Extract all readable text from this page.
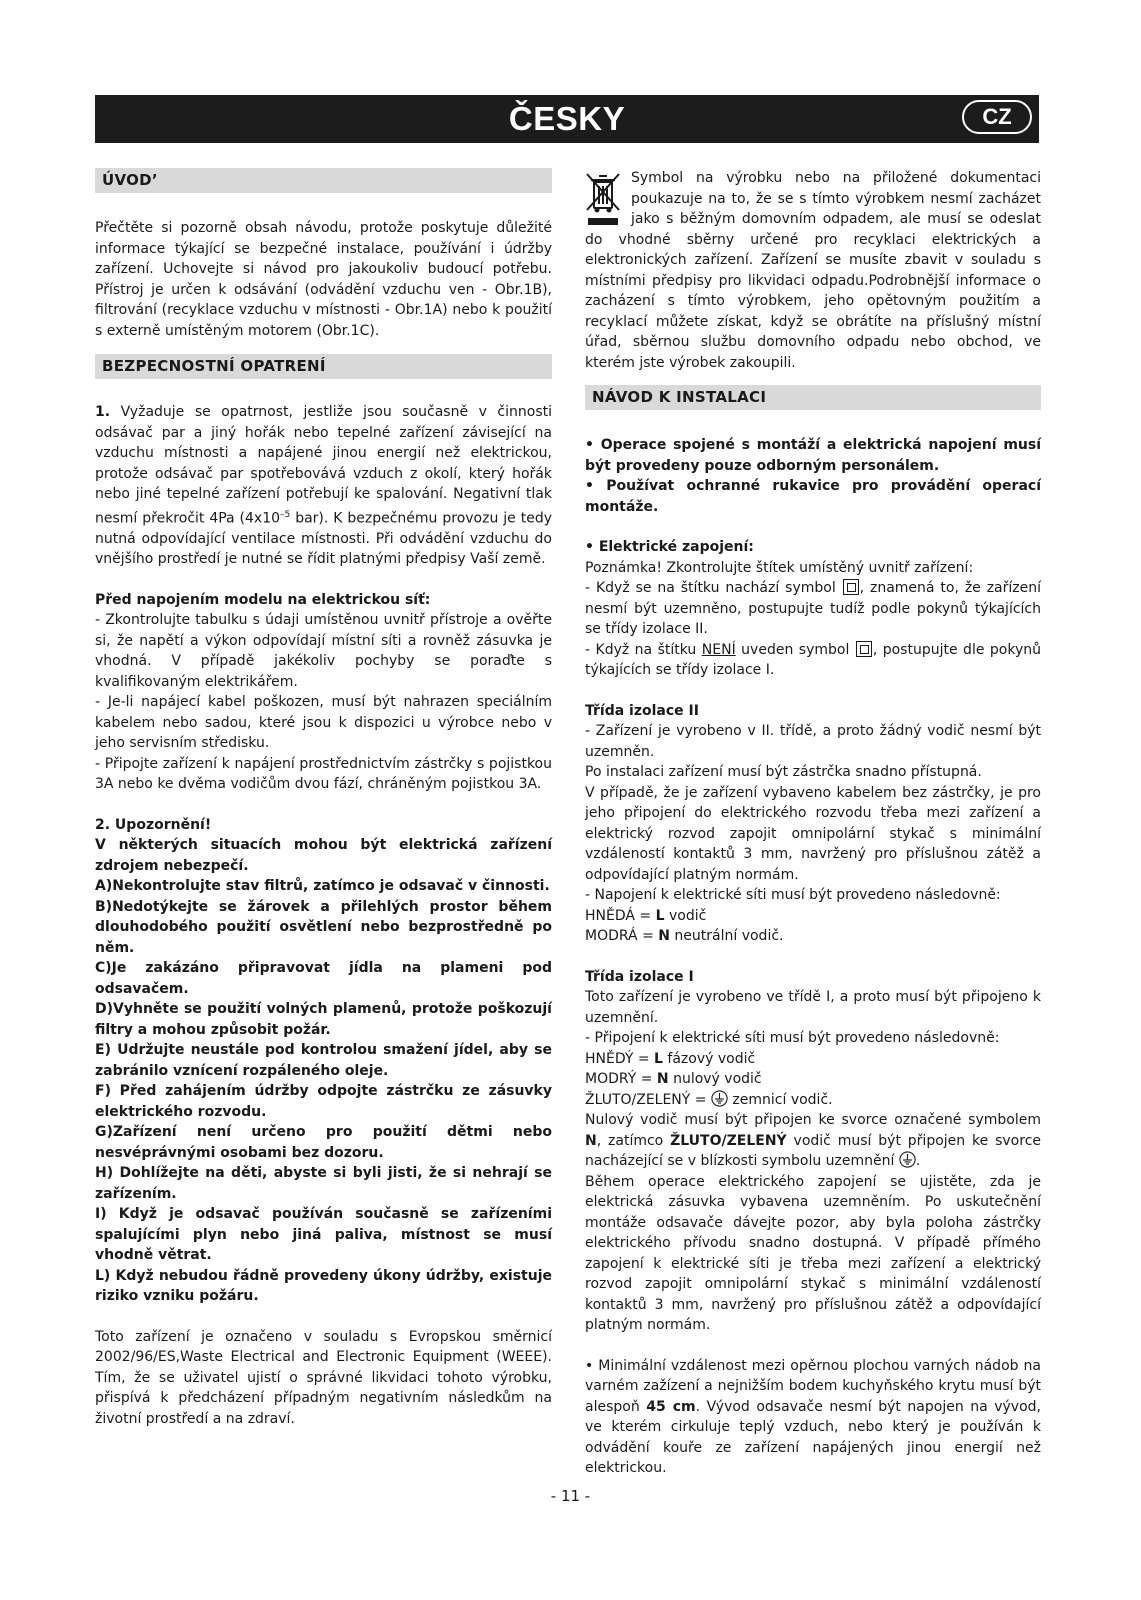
ČESKY	CZ
ÚVOD’

Přečtěte si pozorně obsah návodu, protože poskytuje důležité informace týkající se bezpečné instalace, používání i údržby zařízení. Uchovejte si návod pro jakoukoliv budoucí potřebu. Přístroj je určen k odsávání (odvádění vzduchu ven - Obr.1B), filtrování (recyklace vzduchu v místnosti - Obr.1A) nebo k použití s externě umístěným motorem (Obr.1C).

BEZPECNOSTNÍ OPATRENÍ

1. Vyžaduje se opatrnost, jestliže jsou současně v činnosti odsávač par a jiný hořák nebo tepelné zařízení závisející na vzduchu místnosti a napájené jinou energií než elektrickou, protože odsávač par spotřebovává vzduch z okolí, který hořák nebo jiné tepelné zařízení potřebují ke spalování. Negativní tlak nesmí překročit 4Pa ($4x10^{-5}$ bar). K bezpečnému provozu je tedy nutná odpovídající ventilace místnosti. Při odvádění vzduchu do vnějšího prostředí je nutné se řídit platnými předpisy Vaší země.

Před napojením modelu na elektrickou síť:

- Zkontrolujte tabulku s údaji umístěnou uvnitř přístroje a ověřte si, že napětí a výkon odpovídají místní síti a rovněž zásuvka je vhodná. V případě jakékoliv pochyby se poraďte s kvalifikovaným elektrikářem.

- Je-li napájecí kabel poškozen, musí být nahrazen speciálním kabelem nebo sadou, které jsou k dispozici u výrobce nebo v jeho servisním středisku.

- Připojte zařízení k napájení prostřednictvím zástrčky s pojistkou 3A nebo ke dvěma vodičům dvou fází, chráněným pojistkou 3A.

2. Upozornění!

V některých situacích mohou být elektrická zařízení zdrojem nebezpečí.

A)Nekontrolujte stav filtrů, zatímco je odsavač v činnosti.

B)Nedotýkejte se žárovek a přilehlých prostor během dlouhodobého použití osvětlení nebo bezprostředně po něm.

C)Je zakázáno připravovat jídla na plameni pod odsavačem.

D)Vyhněte se použití volných plamenů, protože poškozují filtry a mohou způsobit požár.

E) Udržujte neustále pod kontrolou smažení jídel, aby se zabránilo vznícení rozpáleného oleje.

F) Před zahájením údržby odpojte zástrčku ze zásuvky elektrického rozvodu.

G)Zařízení není určeno pro použití dětmi nebo nesvéprávnými osobami bez dozoru.

H) Dohlížejte na děti, abyste si byli jisti, že si nehrají se zařízením.

I) Když je odsavač používán současně se zařízeními spalujícími plyn nebo jiná paliva, místnost se musí vhodně větrat.

L) Když nebudou řádně provedeny úkony údržby, existuje riziko vzniku požáru.

Toto zařízení je označeno v souladu s Evropskou směrnicí 2002/96/ES,Waste Electrical and Electronic Equipment (WEEE). Tím, že se uživatel ujistí o správné likvidaci tohoto výrobku, přispívá k předcházení případným negativním následkům na životní prostředí a na zdraví.

Symbol na výrobku nebo na přiložené dokumentaci poukazuje na to, že se s tímto výrobkem nesmí zacházet jako s běžným domovním odpadem, ale musí se odeslat do vhodné sběrny určené pro recyklaci elektrických a elektronických zařízení. Zařízení se musíte zbavit v souladu s místními předpisy pro likvidaci odpadu.Podrobnější informace o zacházení s tímto výrobkem, jeho opětovným použitím a recyklací můžete získat, když se obrátíte na příslušný místní úřad, sběrnou službu domovního odpadu nebo obchod, ve kterém jste výrobek zakoupili.

NÁVOD K INSTALACI

• Operace spojené s montáží a elektrická napojení musí být provedeny pouze odborným personálem.

• Používat ochranné rukavice pro provádění operací montáže.

• Elektrické zapojení:

Poznámka! Zkontrolujte štítek umístěný uvnitř zařízení:

- Když se na štítku nachází symbol , znamená to, že zařízení nesmí být uzemněno, postupujte tudíž podle pokynů týkajících se třídy izolace II.

- Když na štítku NENÍ uveden symbol , postupujte dle pokynů týkajících se třídy izolace I.

Třída izolace II

- Zařízení je vyrobeno v II. třídě, a proto žádný vodič nesmí být uzemněn.

Po instalaci zařízení musí být zástrčka snadno přístupná.

V případě, že je zařízení vybaveno kabelem bez zástrčky, je pro jeho připojení do elektrického rozvodu třeba mezi zařízení a elektrický rozvod zapojit omnipolární stykač s minimální vzdáleností kontaktů 3 mm, navržený pro příslušnou zátěž a odpovídající platným normám.

- Napojení k elektrické síti musí být provedeno následovně:

HNĚDÁ = L vodič

MODRÁ = N neutrální vodič.

Třída izolace I

Toto zařízení je vyrobeno ve třídě I, a proto musí být připojeno k uzemnění.

- Připojení k elektrické síti musí být provedeno následovně:

HNĚDÝ = L fázový vodič

MODRÝ = N nulový vodič

ŽLUTO/ZELENÝ =  zemnicí vodič.

Nulový vodič musí být připojen ke svorce označené symbolem N, zatímco ŽLUTO/ZELENÝ vodič musí být připojen ke svorce nacházející se v blízkosti symbolu uzemnění .

Během operace elektrického zapojení se ujistěte, zda je elektrická zásuvka vybavena uzemněním. Po uskutečnění montáže odsavače dávejte pozor, aby byla poloha zástrčky elektrického přívodu snadno dostupná. V případě přímého zapojení k elektrické síti je třeba mezi zařízení a elektrický rozvod zapojit omnipolární stykač s minimální vzdáleností kontaktů 3 mm, navržený pro příslušnou zátěž a odpovídající platným normám.

• Minimální vzdálenost mezi opěrnou plochou varných nádob na varném zažízení a nejnižším bodem kuchyňského krytu musí být alespoň 45 cm. Vývod odsavače nesmí být napojen na vývod, ve kterém cirkuluje teplý vzduch, nebo který je používán k odvádění kouře ze zařízení napájených jinou energií než elektrickou.

- 11 -
